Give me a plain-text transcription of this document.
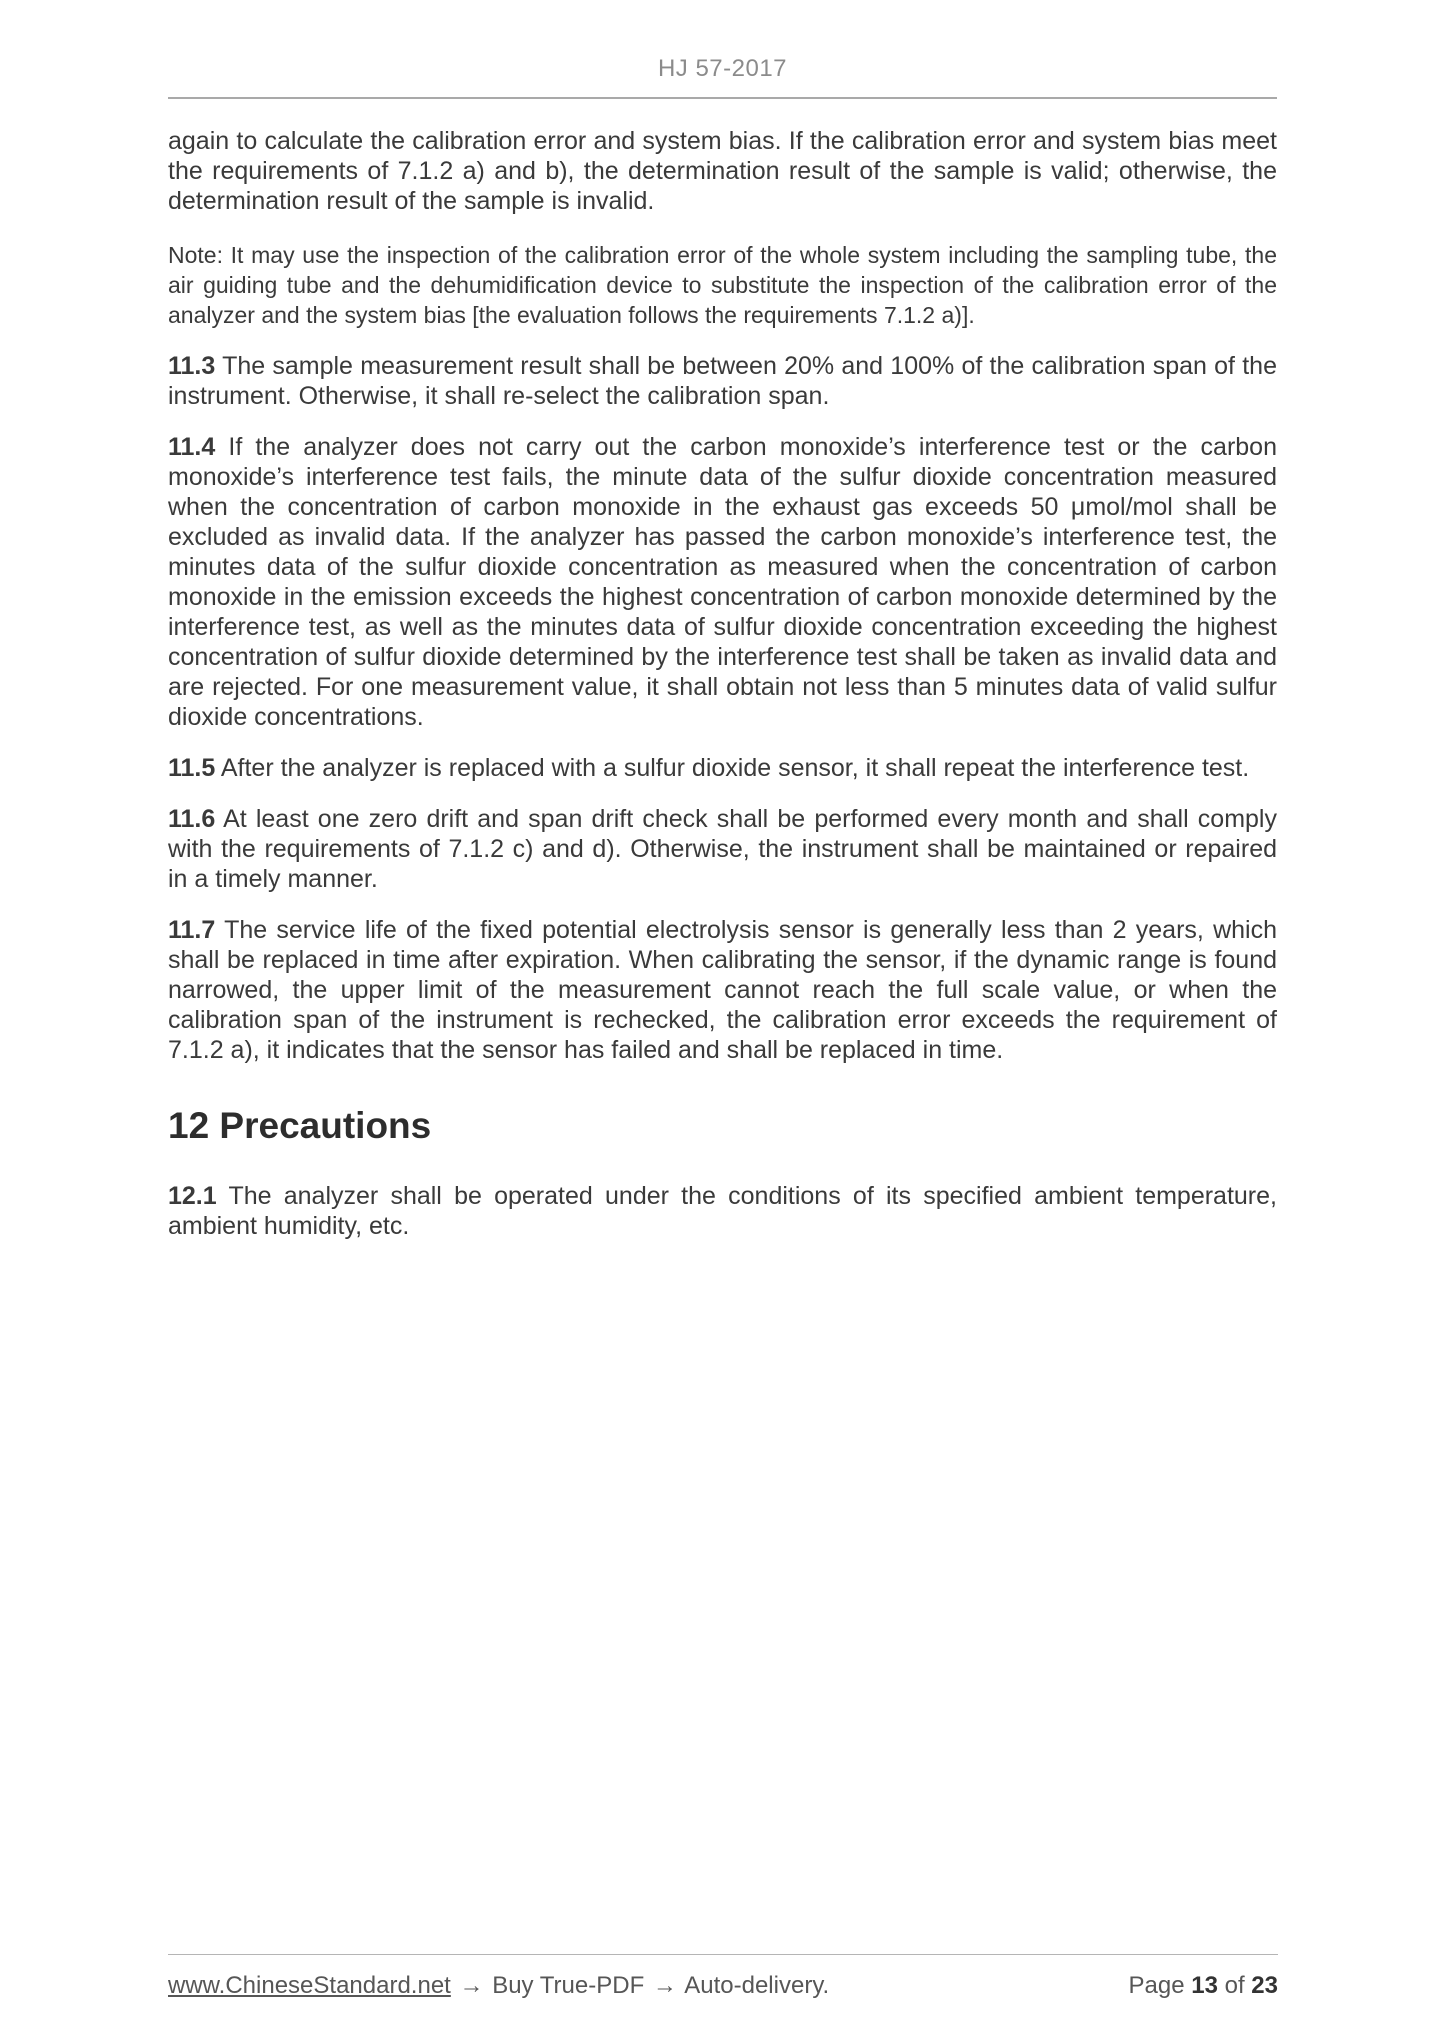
HJ 57-2017

again to calculate the calibration error and system bias. If the calibration error and system bias meet the requirements of 7.1.2 a) and b), the determination result of the sample is valid; otherwise, the determination result of the sample is invalid.

Note: It may use the inspection of the calibration error of the whole system including the sampling tube, the air guiding tube and the dehumidification device to substitute the inspection of the calibration error of the analyzer and the system bias [the evaluation follows the requirements 7.1.2 a)].

11.3 The sample measurement result shall be between 20% and 100% of the calibration span of the instrument. Otherwise, it shall re-select the calibration span.

11.4 If the analyzer does not carry out the carbon monoxide’s interference test or the carbon monoxide’s interference test fails, the minute data of the sulfur dioxide concentration measured when the concentration of carbon monoxide in the exhaust gas exceeds 50 μmol/mol shall be excluded as invalid data. If the analyzer has passed the carbon monoxide’s interference test, the minutes data of the sulfur dioxide concentration as measured when the concentration of carbon monoxide in the emission exceeds the highest concentration of carbon monoxide determined by the interference test, as well as the minutes data of sulfur dioxide concentration exceeding the highest concentration of sulfur dioxide determined by the interference test shall be taken as invalid data and are rejected. For one measurement value, it shall obtain not less than 5 minutes data of valid sulfur dioxide concentrations.

11.5 After the analyzer is replaced with a sulfur dioxide sensor, it shall repeat the interference test.

11.6 At least one zero drift and span drift check shall be performed every month and shall comply with the requirements of 7.1.2 c) and d). Otherwise, the instrument shall be maintained or repaired in a timely manner.

11.7 The service life of the fixed potential electrolysis sensor is generally less than 2 years, which shall be replaced in time after expiration. When calibrating the sensor, if the dynamic range is found narrowed, the upper limit of the measurement cannot reach the full scale value, or when the calibration span of the instrument is rechecked, the calibration error exceeds the requirement of 7.1.2 a), it indicates that the sensor has failed and shall be replaced in time.

12 Precautions

12.1 The analyzer shall be operated under the conditions of its specified ambient temperature, ambient humidity, etc.

www.ChineseStandard.net → Buy True-PDF → Auto-delivery.	Page 13 of 23
